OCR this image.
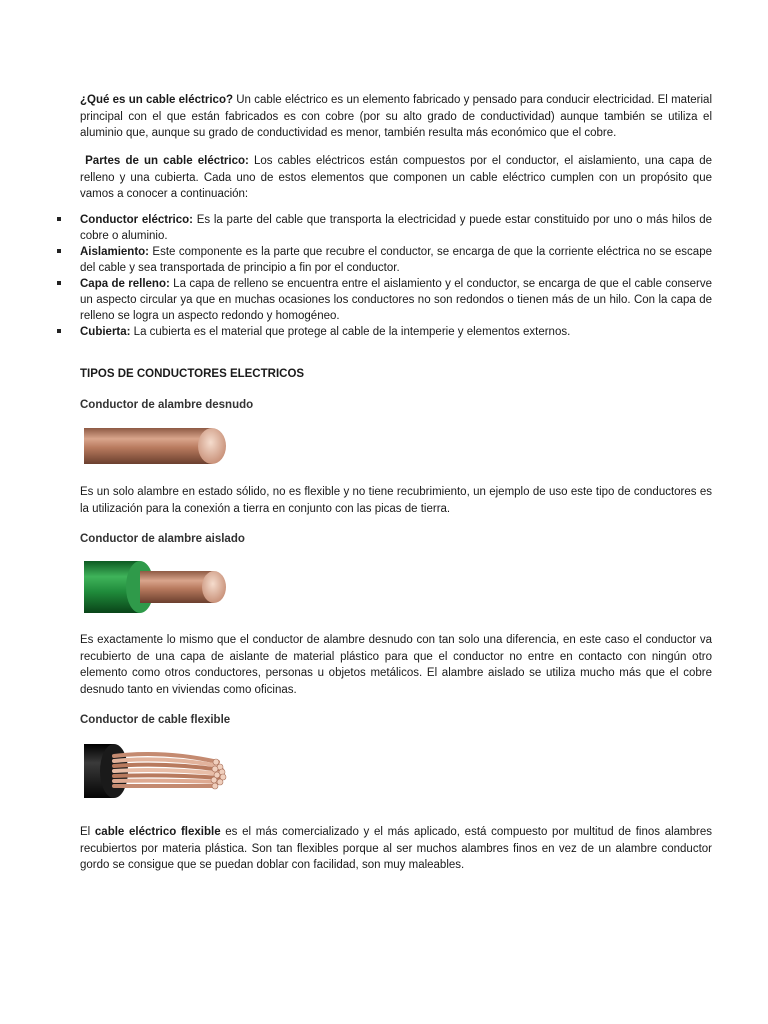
¿Qué es un cable eléctrico? Un cable eléctrico es un elemento fabricado y pensado para conducir electricidad. El material principal con el que están fabricados es con cobre (por su alto grado de conductividad) aunque también se utiliza el aluminio que, aunque su grado de conductividad es menor, también resulta más económico que el cobre.

Partes de un cable eléctrico: Los cables eléctricos están compuestos por el conductor, el aislamiento, una capa de relleno y una cubierta. Cada uno de estos elementos que componen un cable eléctrico cumplen con un propósito que vamos a conocer a continuación:

Conductor eléctrico: Es la parte del cable que transporta la electricidad y puede estar constituido por uno o más hilos de cobre o aluminio.
Aislamiento: Este componente es la parte que recubre el conductor, se encarga de que la corriente eléctrica no se escape del cable y sea transportada de principio a fin por el conductor.
Capa de relleno: La capa de relleno se encuentra entre el aislamiento y el conductor, se encarga de que el cable conserve un aspecto circular ya que en muchas ocasiones los conductores no son redondos o tienen más de un hilo. Con la capa de relleno se logra un aspecto redondo y homogéneo.
Cubierta: La cubierta es el material que protege al cable de la intemperie y elementos externos.

TIPOS DE CONDUCTORES ELECTRICOS

Conductor de alambre desnudo

Es un solo alambre en estado sólido, no es flexible y no tiene recubrimiento, un ejemplo de uso este tipo de conductores es la utilización para la conexión a tierra en conjunto con las picas de tierra.

Conductor de alambre aislado

Es exactamente lo mismo que el conductor de alambre desnudo con tan solo una diferencia, en este caso el conductor va recubierto de una capa de aislante de material plástico para que el conductor no entre en contacto con ningún otro elemento como otros conductores, personas u objetos metálicos. El alambre aislado se utiliza mucho más que el cobre desnudo tanto en viviendas como oficinas.

Conductor de cable flexible

El cable eléctrico flexible es el más comercializado y el más aplicado, está compuesto por multitud de finos alambres recubiertos por materia plástica. Son tan flexibles porque al ser muchos alambres finos en vez de un alambre conductor gordo se consigue que se puedan doblar con facilidad, son muy maleables.
